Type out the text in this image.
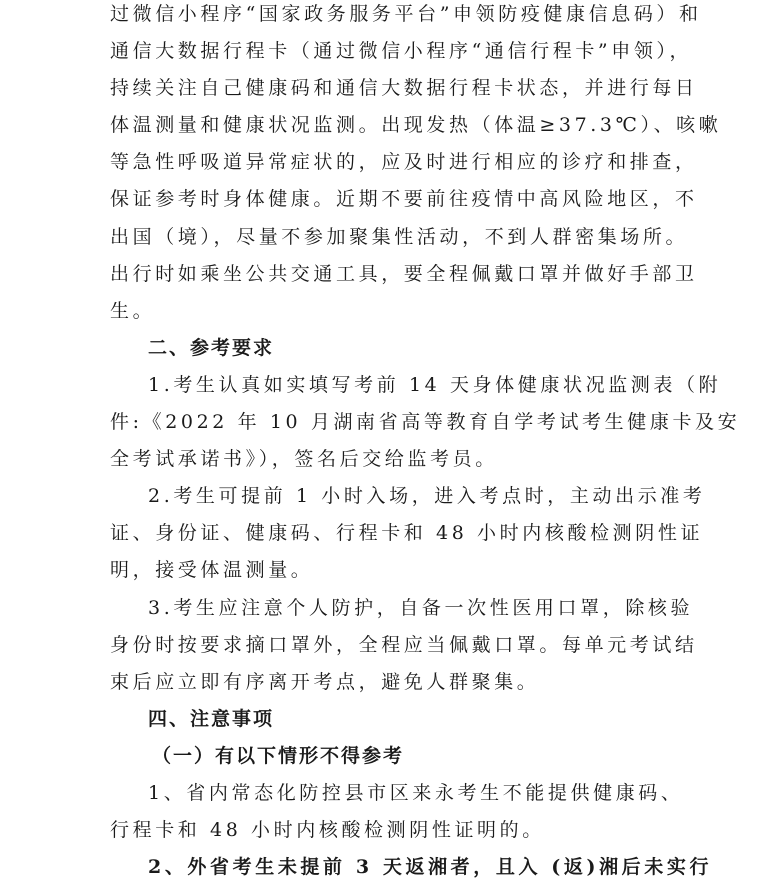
过微信小程序“国家政务服务平台”申领防疫健康信息码）和
通信大数据行程卡（通过微信小程序“通信行程卡”申领），
持续关注自己健康码和通信大数据行程卡状态，并进行每日
体温测量和健康状况监测。出现发热（体温≥37.3℃）、咳嗽
等急性呼吸道异常症状的，应及时进行相应的诊疗和排查，
保证参考时身体健康。近期不要前往疫情中高风险地区，不
出国（境），尽量不参加聚集性活动，不到人群密集场所。
出行时如乘坐公共交通工具，要全程佩戴口罩并做好手部卫
生。
二、参考要求
1.考生认真如实填写考前 14 天身体健康状况监测表（附
件:《2022 年 10 月湖南省高等教育自学考试考生健康卡及安
全考试承诺书》），签名后交给监考员。
2.考生可提前 1 小时入场，进入考点时，主动出示准考
证、身份证、健康码、行程卡和 48 小时内核酸检测阴性证
明，接受体温测量。
3.考生应注意个人防护，自备一次性医用口罩，除核验
身份时按要求摘口罩外，全程应当佩戴口罩。每单元考试结
束后应立即有序离开考点，避免人群聚集。
四、注意事项
（一）有以下情形不得参考
1、省内常态化防控县市区来永考生不能提供健康码、
行程卡和 48 小时内核酸检测阴性证明的。
2、外省考生未提前 3 天返湘者，且入 (返)湘后未实行
